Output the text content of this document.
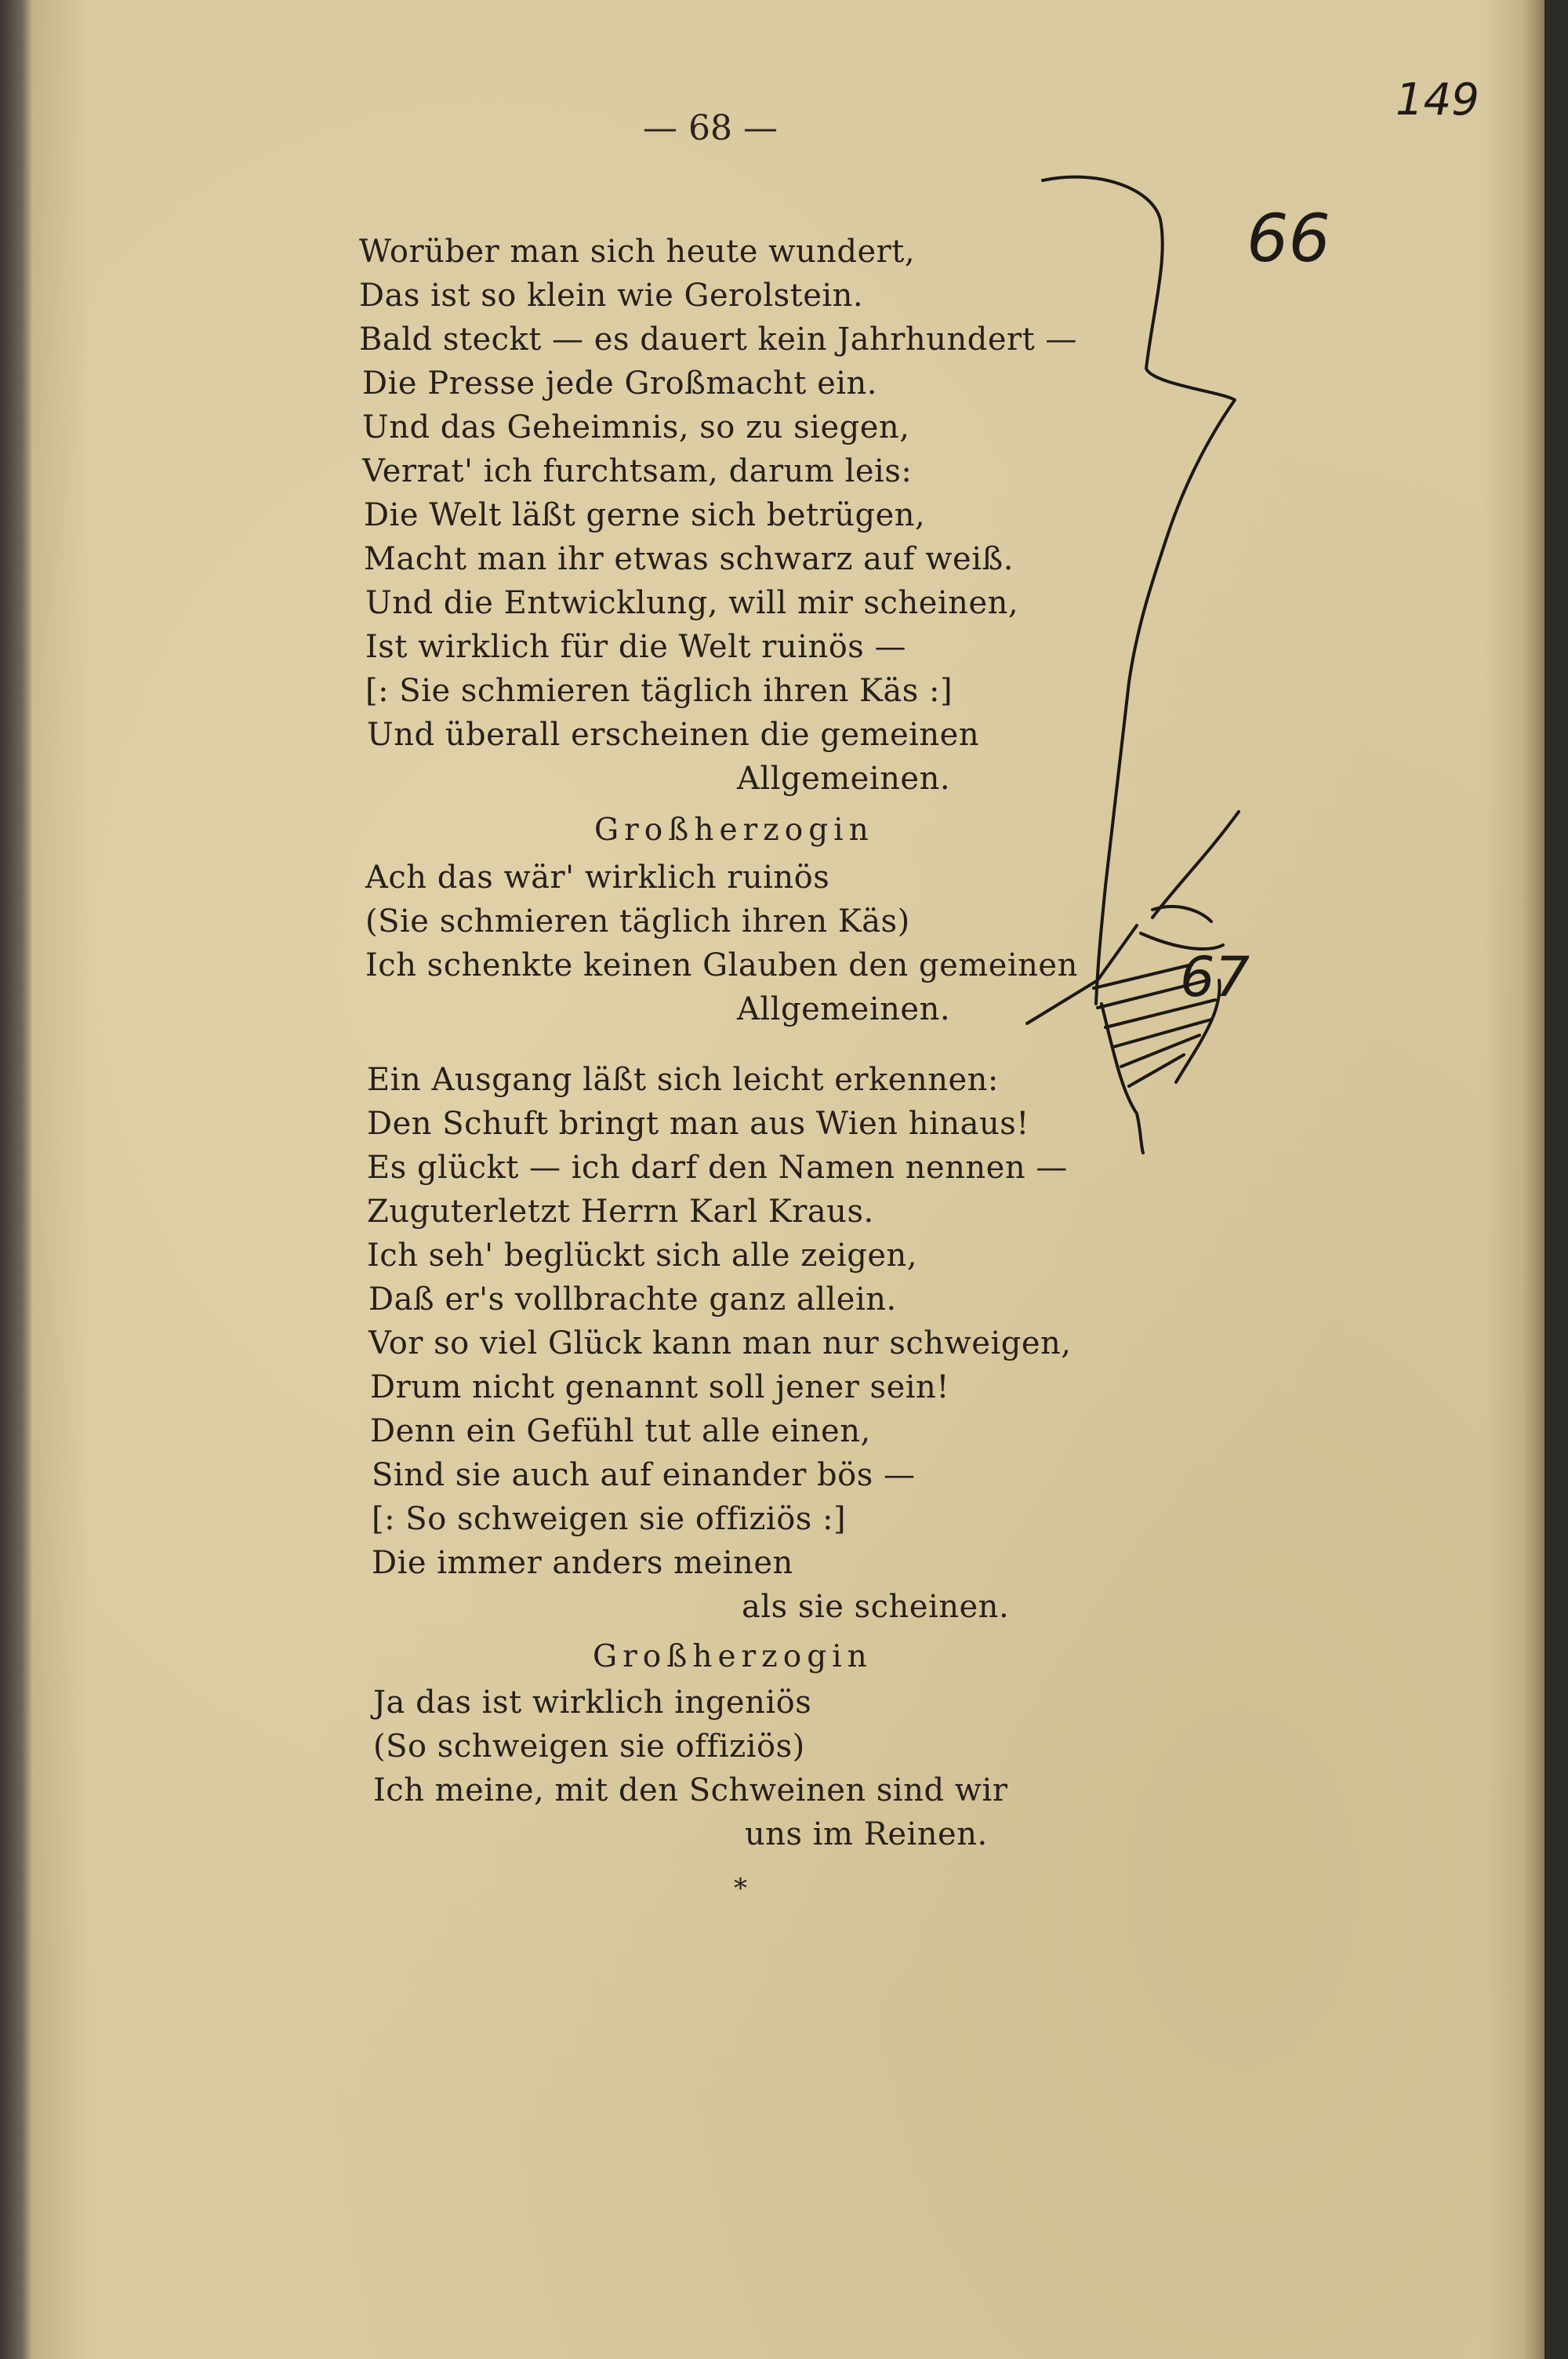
— 68 —
149
66
67
Worüber man sich heute wundert,
Das ist so klein wie Gerolstein.
Bald steckt — es dauert kein Jahrhundert —
Die Presse jede Großmacht ein.
Und das Geheimnis, so zu siegen,
Verrat' ich furchtsam, darum leis:
Die Welt läßt gerne sich betrügen,
Macht man ihr etwas schwarz auf weiß.
Und die Entwicklung, will mir scheinen,
Ist wirklich für die Welt ruinös —
[: Sie schmieren täglich ihren Käs :]
Und überall erscheinen die gemeinen
Allgemeinen.
Großherzogin
Ach das wär' wirklich ruinös
(Sie schmieren täglich ihren Käs)
Ich schenkte keinen Glauben den gemeinen
Allgemeinen.
Ein Ausgang läßt sich leicht erkennen:
Den Schuft bringt man aus Wien hinaus!
Es glückt — ich darf den Namen nennen —
Zuguterletzt Herrn Karl Kraus.
Ich seh' beglückt sich alle zeigen,
Daß er's vollbrachte ganz allein.
Vor so viel Glück kann man nur schweigen,
Drum nicht genannt soll jener sein!
Denn ein Gefühl tut alle einen,
Sind sie auch auf einander bös —
[: So schweigen sie offiziös :]
Die immer anders meinen
als sie scheinen.
Großherzogin
Ja das ist wirklich ingeniös
(So schweigen sie offiziös)
Ich meine, mit den Schweinen sind wir
uns im Reinen.
*
